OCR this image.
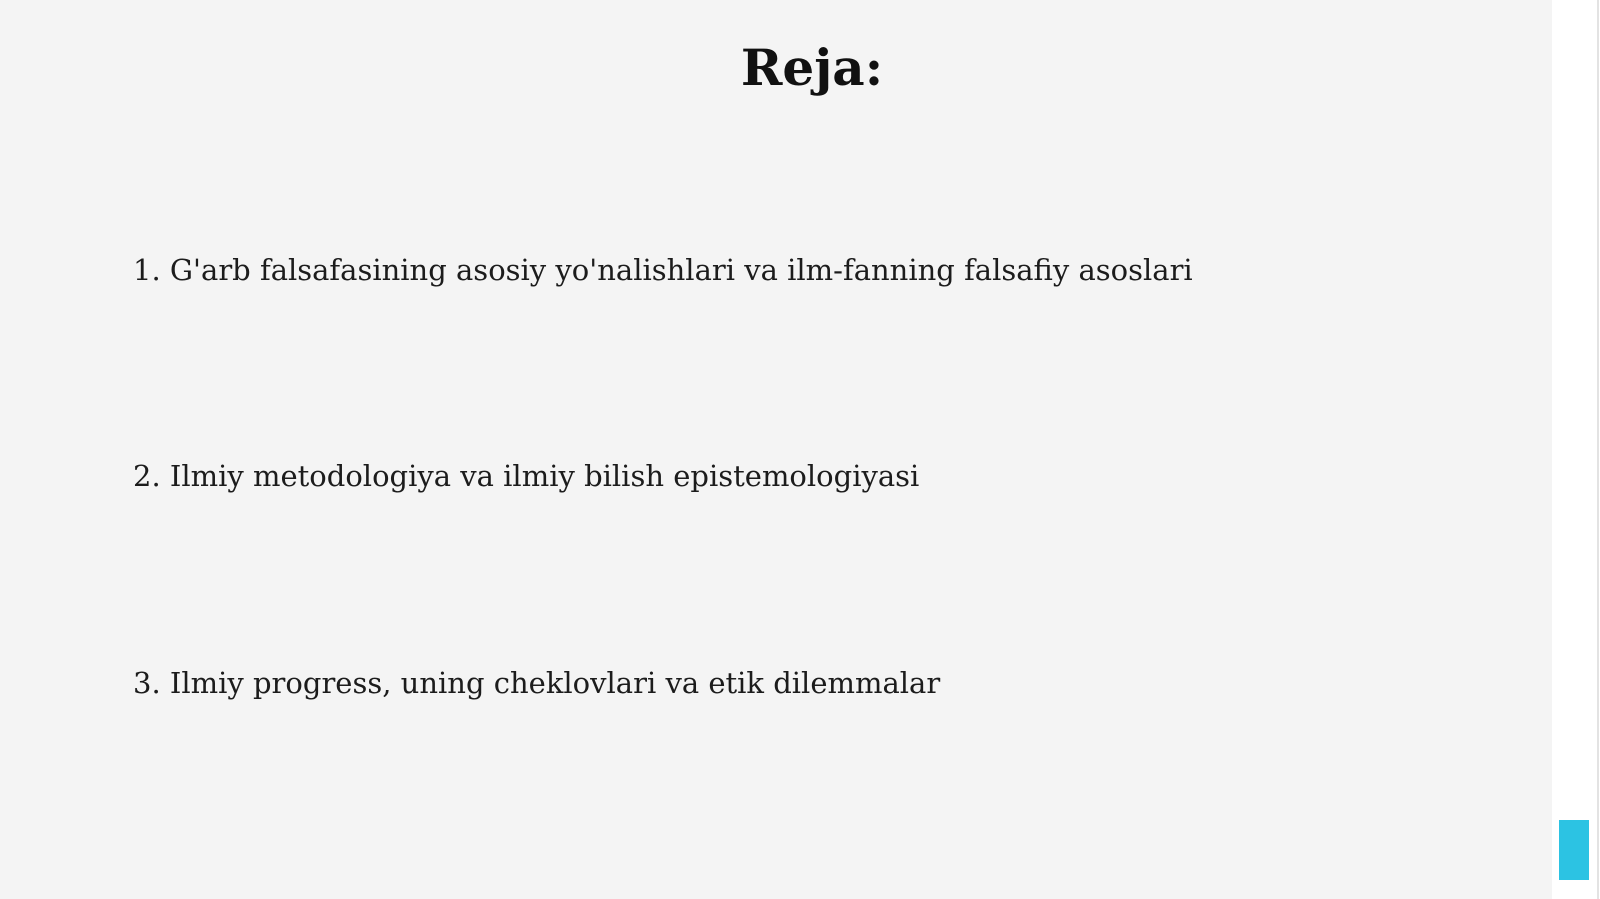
Reja:
1. G'arb falsafasining asosiy yo'nalishlari va ilm-fanning falsafiy asoslari
2. Ilmiy metodologiya va ilmiy bilish epistemologiyasi
3. Ilmiy progress, uning cheklovlari va etik dilemmalar
